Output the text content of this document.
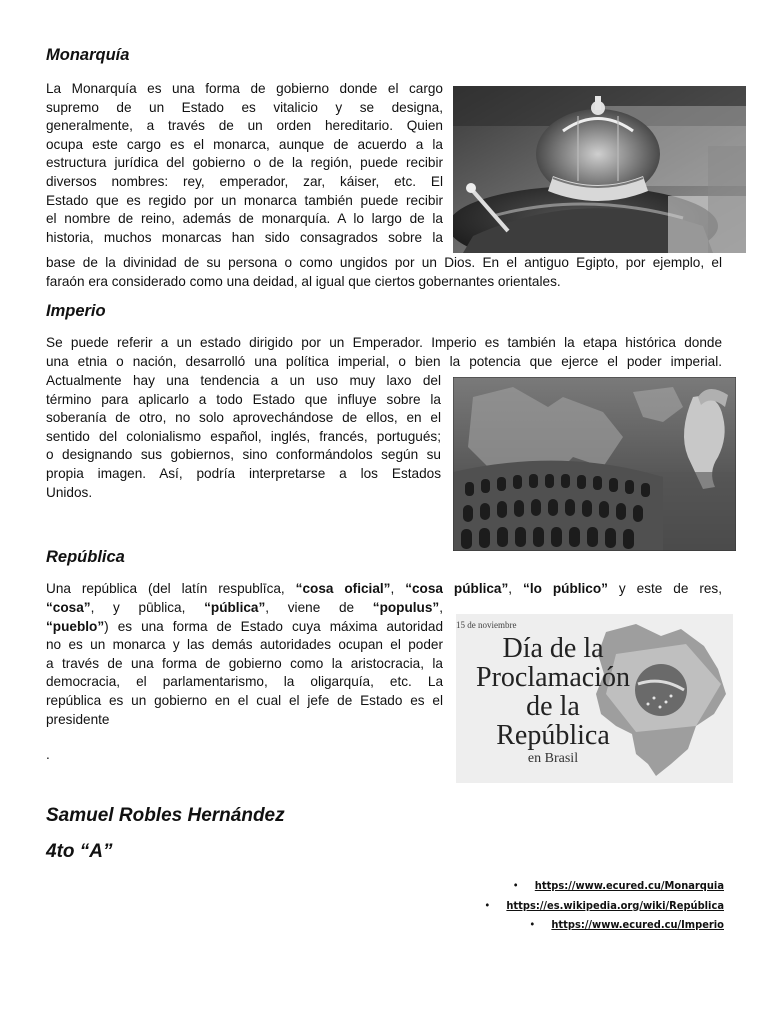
Monarquía
La Monarquía es una forma de gobierno donde el cargo
supremo de un Estado es vitalicio y se designa,
generalmente, a través de un orden hereditario. Quien
ocupa este cargo es el monarca, aunque de acuerdo a la
estructura jurídica del gobierno o de la región, puede recibir
diversos nombres: rey, emperador, zar, káiser, etc. El
Estado que es regido por un monarca también puede recibir
el nombre de reino, además de monarquía. A lo largo de la
historia, muchos monarcas han sido consagrados sobre la
base de la divinidad de su persona o como ungidos por un Dios. En el antiguo Egipto, por ejemplo, el
faraón era considerado como una deidad, al igual que ciertos gobernantes orientales.
Imperio
Se puede referir a un estado dirigido por un Emperador. Imperio es también la etapa histórica donde
una etnia o nación, desarrolló una política imperial, o bien la potencia que ejerce el poder imperial.
Actualmente hay una tendencia a un uso muy laxo del
término para aplicarlo a todo Estado que influye sobre la
soberanía de otro, no solo aprovechándose de ellos, en el
sentido del colonialismo español, inglés, francés, portugués;
o designando sus gobiernos, sino conformándolos según su
propia imagen. Así, podría interpretarse a los Estados
Unidos.
República
Una república (del latín respublīca, “cosa oficial”, “cosa pública”, “lo público” y este de res,
“cosa”, y pūblica, “pública”, viene de “populus”,
“pueblo”) es una forma de Estado cuya máxima autoridad
no es un monarca y las demás autoridades ocupan el poder
a través de una forma de gobierno como la aristocracia, la
democracia, el parlamentarismo, la oligarquía, etc. La
república es un gobierno en el cual el jefe de Estado es el
presidente
.
15 de noviembre
Día de la
Proclamación
de la
República
en Brasil
Samuel Robles Hernández
4to “A”
• https://www.ecured.cu/Monarquia
• https://es.wikipedia.org/wiki/República
• https://www.ecured.cu/Imperio
